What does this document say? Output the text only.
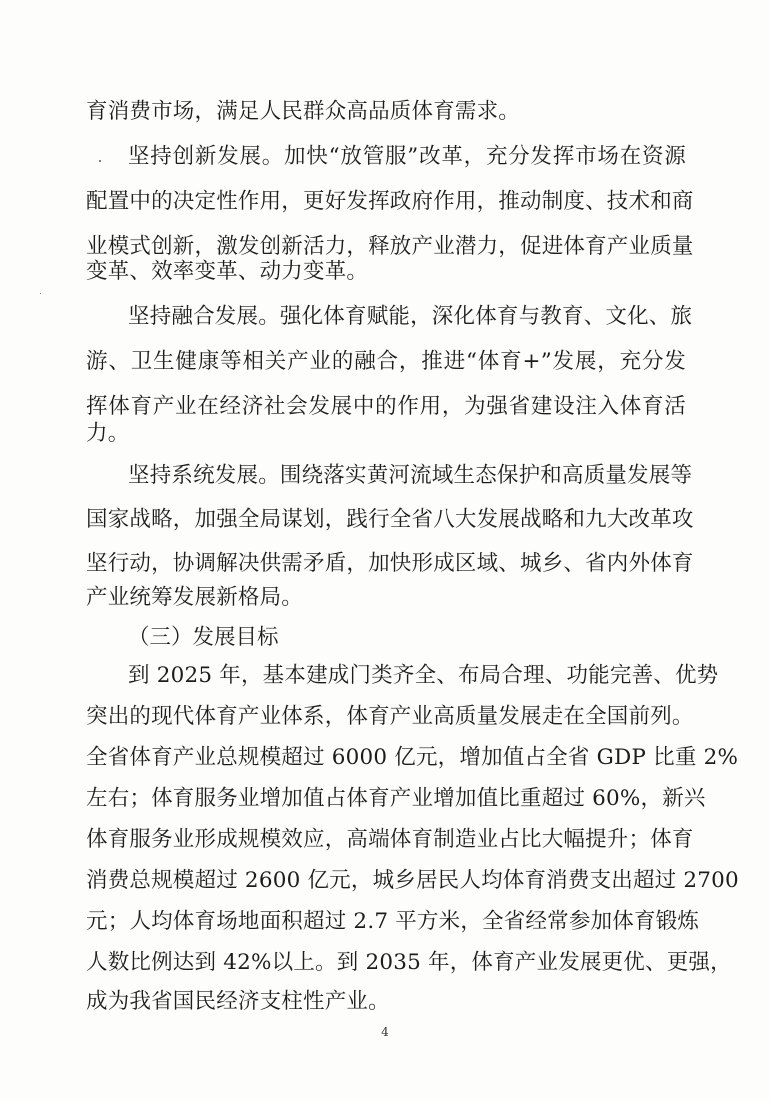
育消费市场，满足人民群众高品质体育需求。
坚持创新发展。加快“放管服”改革，充分发挥市场在资源
配置中的决定性作用，更好发挥政府作用，推动制度、技术和商
业模式创新，激发创新活力，释放产业潜力，促进体育产业质量
变革、效率变革、动力变革。
坚持融合发展。强化体育赋能，深化体育与教育、文化、旅
游、卫生健康等相关产业的融合，推进“体育+”发展，充分发
挥体育产业在经济社会发展中的作用，为强省建设注入体育活
力。
坚持系统发展。围绕落实黄河流域生态保护和高质量发展等
国家战略，加强全局谋划，践行全省八大发展战略和九大改革攻
坚行动，协调解决供需矛盾，加快形成区域、城乡、省内外体育
产业统筹发展新格局。
（三）发展目标
到 2025 年，基本建成门类齐全、布局合理、功能完善、优势
突出的现代体育产业体系，体育产业高质量发展走在全国前列。
全省体育产业总规模超过 6000 亿元，增加值占全省 GDP 比重 2%
左右；体育服务业增加值占体育产业增加值比重超过 60%，新兴
体育服务业形成规模效应，高端体育制造业占比大幅提升；体育
消费总规模超过 2600 亿元，城乡居民人均体育消费支出超过 2700
元；人均体育场地面积超过 2.7 平方米，全省经常参加体育锻炼
人数比例达到 42%以上。到 2035 年，体育产业发展更优、更强，
成为我省国民经济支柱性产业。
4
